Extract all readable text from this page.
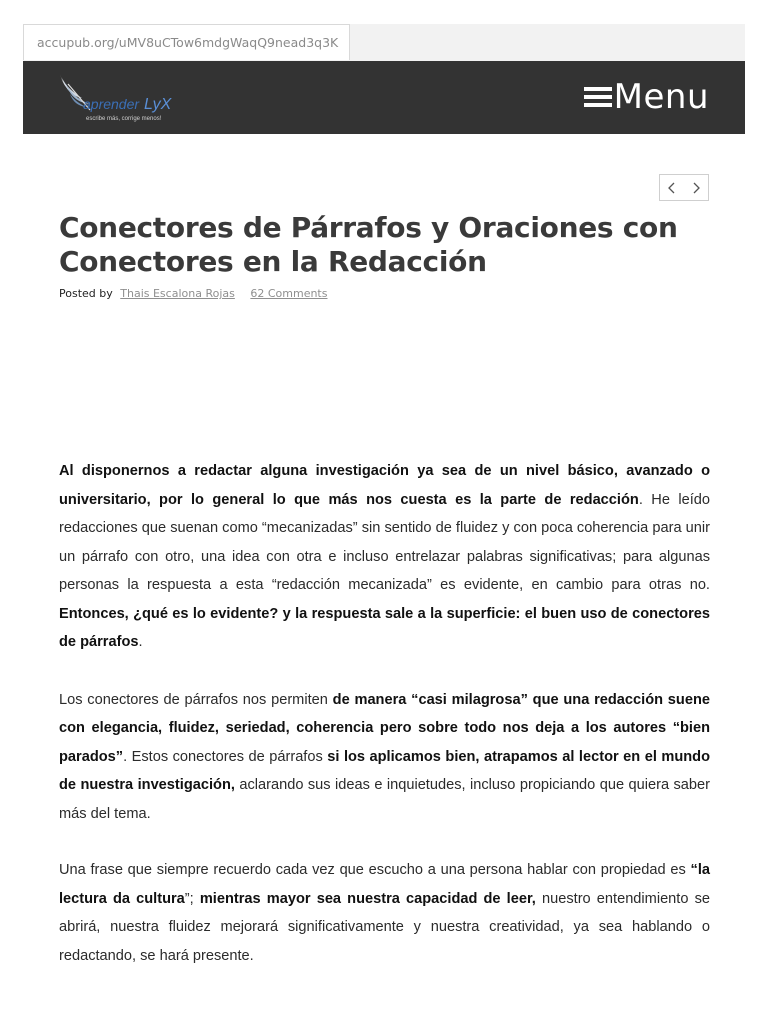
accupub.org/uMV8uCTow6mdgWaqQ9nead3q3K
aprender LyX
escribe más, corrige menos!
Menu
Conectores de Párrafos y Oraciones con Conectores en la Redacción
Posted by Thais Escalona Rojas 62 Comments

Al disponernos a redactar alguna investigación ya sea de un nivel básico, avanzado o universitario, por lo general lo que más nos cuesta es la parte de redacción. He leído redacciones que suenan como “mecanizadas” sin sentido de fluidez y con poca coherencia para unir un párrafo con otro, una idea con otra e incluso entrelazar palabras significativas; para algunas personas la respuesta a esta “redacción mecanizada” es evidente, en cambio para otras no. Entonces, ¿qué es lo evidente? y la respuesta sale a la superficie: el buen uso de conectores de párrafos.

Los conectores de párrafos nos permiten de manera “casi milagrosa” que una redacción suene con elegancia, fluidez, seriedad, coherencia pero sobre todo nos deja a los autores “bien parados”. Estos conectores de párrafos si los aplicamos bien, atrapamos al lector en el mundo de nuestra investigación, aclarando sus ideas e inquietudes, incluso propiciando que quiera saber más del tema.

Una frase que siempre recuerdo cada vez que escucho a una persona hablar con propiedad es “la lectura da cultura”; mientras mayor sea nuestra capacidad de leer, nuestro entendimiento se abrirá, nuestra fluidez mejorará significativamente y nuestra creatividad, ya sea hablando o redactando, se hará presente.
